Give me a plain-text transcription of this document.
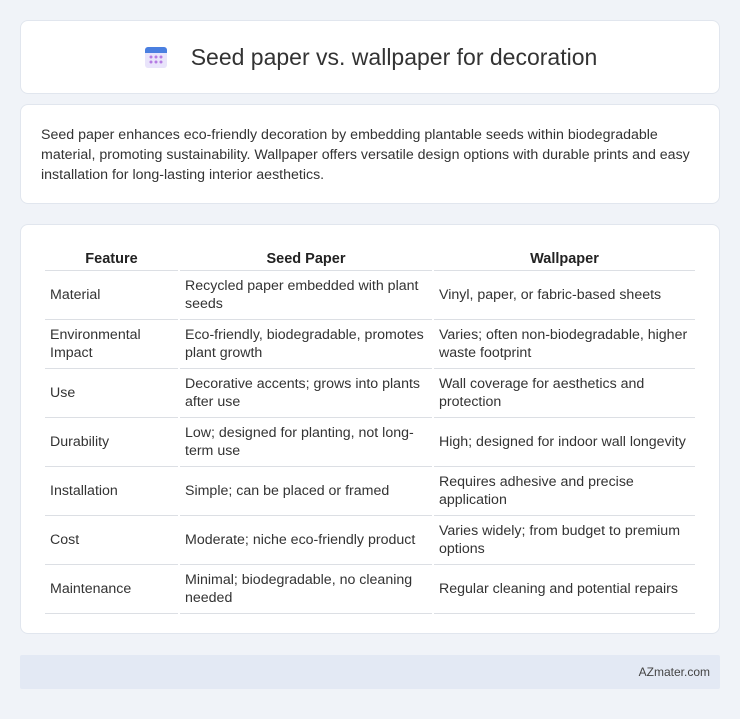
Seed paper vs. wallpaper for decoration

Seed paper enhances eco-friendly decoration by embedding plantable seeds within biodegradable material, promoting sustainability. Wallpaper offers versatile design options with durable prints and easy installation for long-lasting interior aesthetics.

Feature	Seed Paper	Wallpaper
Material	Recycled paper embedded with plant seeds	Vinyl, paper, or fabric-based sheets
Environmental Impact	Eco-friendly, biodegradable, promotes plant growth	Varies; often non-biodegradable, higher waste footprint
Use	Decorative accents; grows into plants after use	Wall coverage for aesthetics and protection
Durability	Low; designed for planting, not long-term use	High; designed for indoor wall longevity
Installation	Simple; can be placed or framed	Requires adhesive and precise application
Cost	Moderate; niche eco-friendly product	Varies widely; from budget to premium options
Maintenance	Minimal; biodegradable, no cleaning needed	Regular cleaning and potential repairs
AZmater.com
